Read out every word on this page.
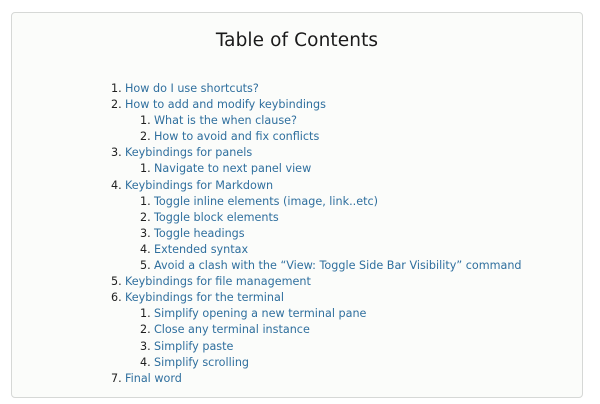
Table of Contents
1. How do I use shortcuts?
2. How to add and modify keybindings
1. What is the when clause?
2. How to avoid and fix conflicts
3. Keybindings for panels
1. Navigate to next panel view
4. Keybindings for Markdown
1. Toggle inline elements (image, link..etc)
2. Toggle block elements
3. Toggle headings
4. Extended syntax
5. Avoid a clash with the “View: Toggle Side Bar Visibility” command
5. Keybindings for file management
6. Keybindings for the terminal
1. Simplify opening a new terminal pane
2. Close any terminal instance
3. Simplify paste
4. Simplify scrolling
7. Final word
